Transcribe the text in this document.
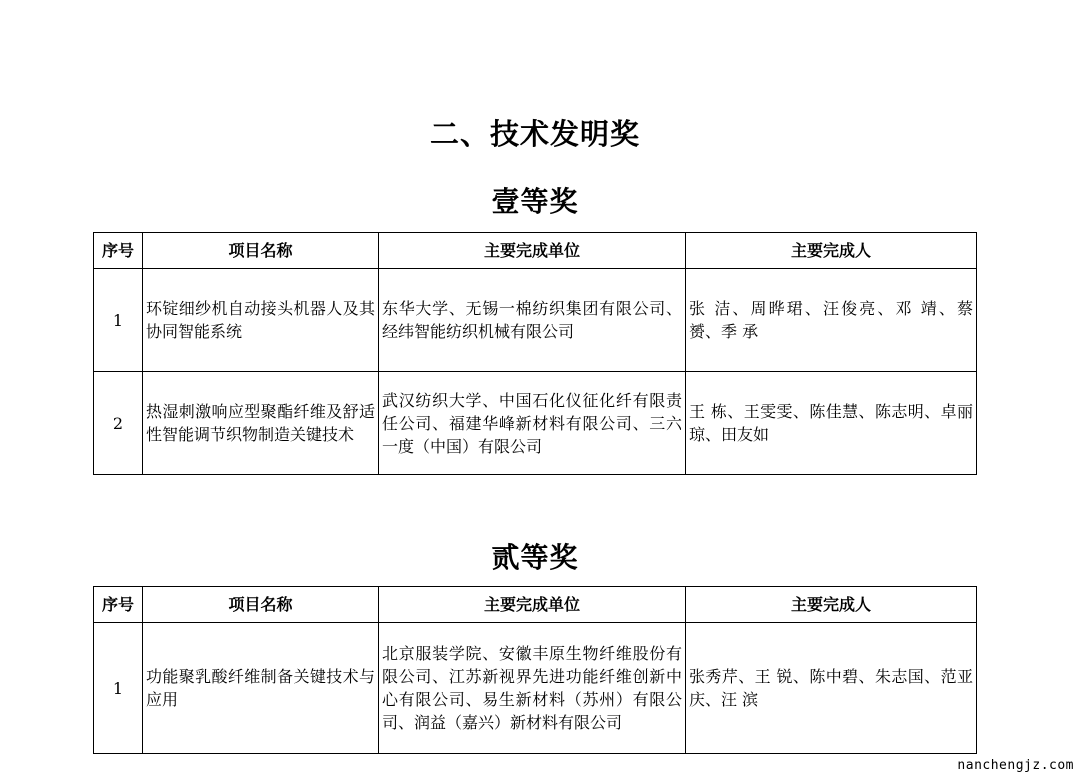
二、技术发明奖
壹等奖
序号	项目名称	主要完成单位	主要完成人
1	环锭细纱机自动接头机器人及其协同智能系统	东华大学、无锡一棉纺织集团有限公司、经纬智能纺织机械有限公司	张 洁、周晔珺、汪俊亮、邓 靖、蔡 赟、季 承
2	热湿刺激响应型聚酯纤维及舒适性智能调节织物制造关键技术	武汉纺织大学、中国石化仪征化纤有限责任公司、福建华峰新材料有限公司、三六一度（中国）有限公司	王 栋、王雯雯、陈佳慧、陈志明、卓丽琼、田友如
贰等奖
序号	项目名称	主要完成单位	主要完成人
1	功能聚乳酸纤维制备关键技术与应用	北京服装学院、安徽丰原生物纤维股份有限公司、江苏新视界先进功能纤维创新中心有限公司、易生新材料（苏州）有限公司、润益（嘉兴）新材料有限公司	张秀芹、王 锐、陈中碧、朱志国、范亚庆、汪 滨
nanchengjz.com
